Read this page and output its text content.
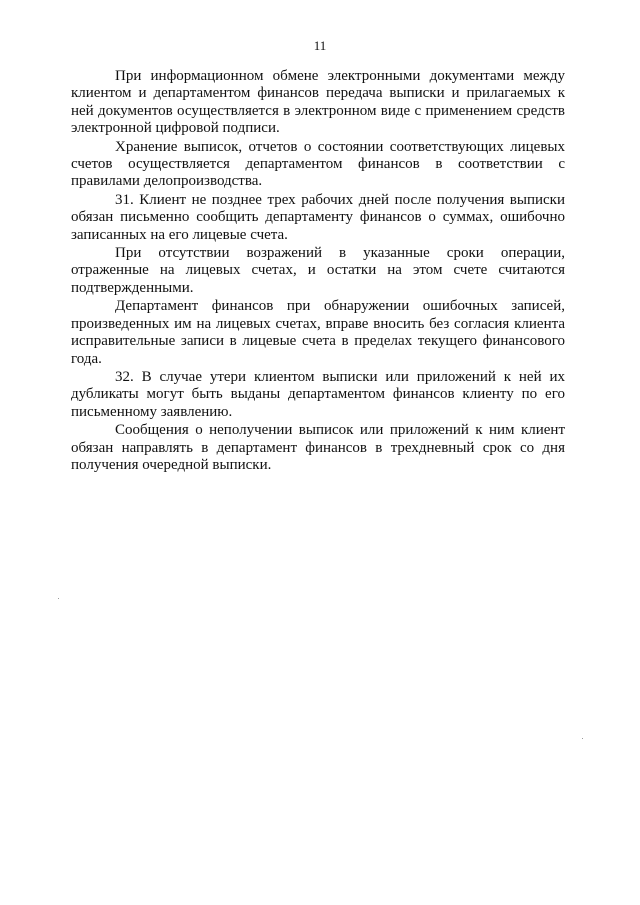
11

При информационном обмене электронными документами между клиентом и департаментом финансов передача выписки и прилагаемых к ней документов осуществляется в электронном виде с применением средств электронной цифровой подписи.

Хранение выписок, отчетов о состоянии соответствующих лицевых счетов осуществляется департаментом финансов в соответствии с правилами делопроизводства.

31. Клиент не позднее трех рабочих дней после получения выписки обязан письменно сообщить департаменту финансов о суммах, ошибочно записанных на его лицевые счета.

При отсутствии возражений в указанные сроки операции, отраженные на лицевых счетах, и остатки на этом счете считаются подтвержденными.

Департамент финансов при обнаружении ошибочных записей, произведенных им на лицевых счетах, вправе вносить без согласия клиента исправительные записи в лицевые счета в пределах текущего финансового года.

32. В случае утери клиентом выписки или приложений к ней их дубликаты могут быть выданы департаментом финансов клиенту по его письменному заявлению.

Сообщения о неполучении выписок или приложений к ним клиент обязан направлять в департамент финансов в трехдневный срок со дня получения очередной выписки.
